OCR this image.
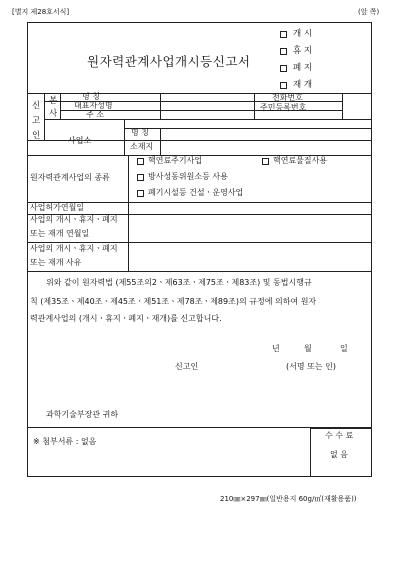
[별지 제28호서식]	(앞 쪽)
원자력관계사업개시등신고서
개 시
휴 지
폐 지
재 개
신
고
인
본
사
명 칭
대표자성명
주 소
전화번호
주민등록번호
사업소
명 칭
소재지
원자력관계사업의 종류
핵연료주기사업	핵연료물질사용
방사성동위원소등 사용
폐기시설등 건설ㆍ운영사업
사업허가연월일
사업의 개시ㆍ휴지ㆍ폐지
또는 재개 연월일
사업의 개시ㆍ휴지ㆍ폐지
또는 재개 사유
위와 같이 원자력법 (제55조의2ㆍ제63조ㆍ제75조ㆍ제83조) 및 동법시행규
칙 (제35조ㆍ제40조ㆍ제45조ㆍ제51조ㆍ제78조ㆍ제89조)의 규정에 의하여 원자
력관계사업의 (개시ㆍ휴지ㆍ폐지ㆍ재개)를 신고합니다.
년	월	일
신고인	(서명 또는 인)
과학기술부장관 귀하
※ 첨부서류 : 없음
수 수 료
없 음
210㎜×297㎜(일반용지 60g/㎡(재활용품))
